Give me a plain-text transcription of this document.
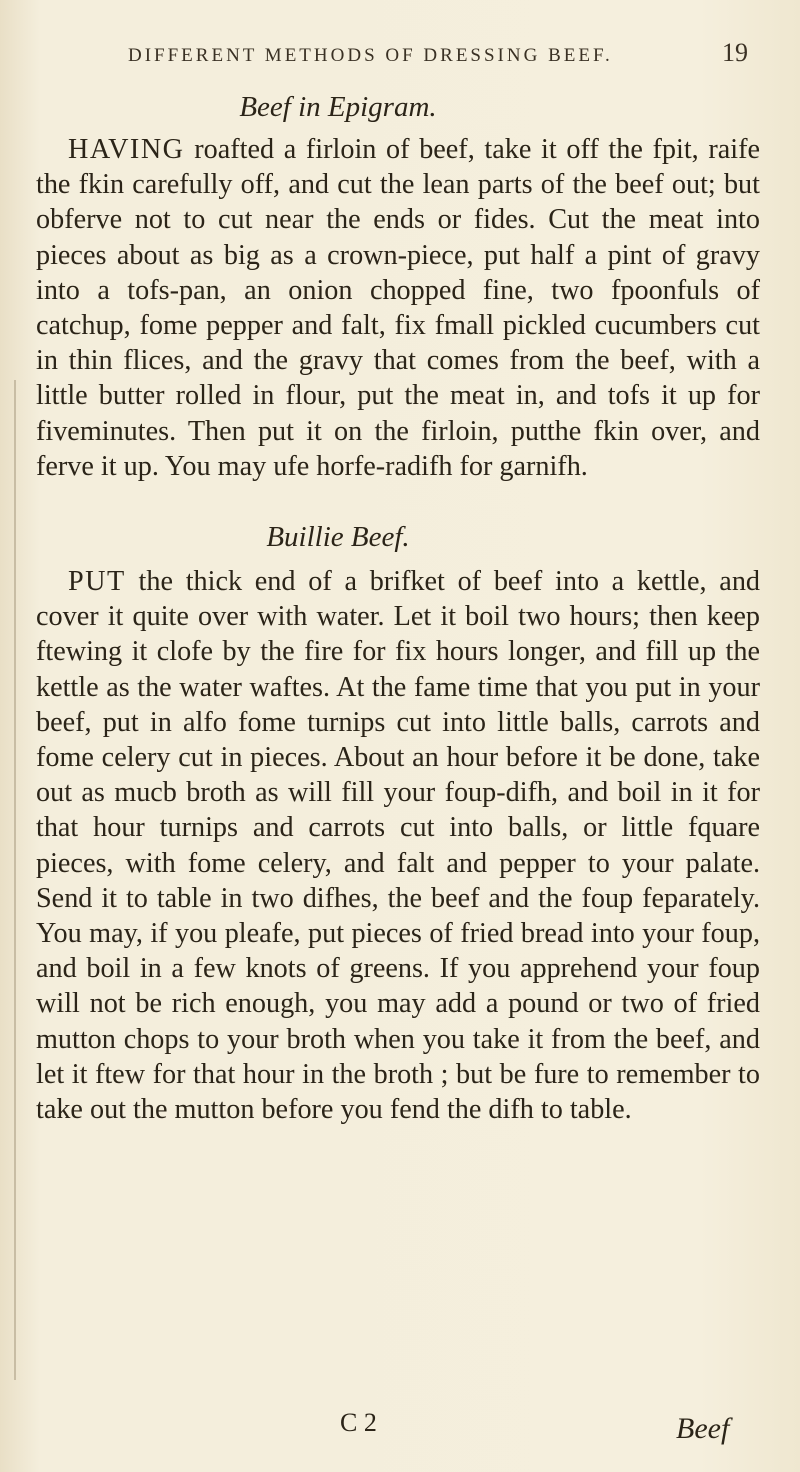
DIFFERENT METHODS OF DRESSING BEEF.	19
Beef in Epigram.

HAVING roafted a firloin of beef, take it off the fpit, raife the fkin carefully off, and cut the lean parts of the beef out; but obferve not to cut near the ends or fides. Cut the meat into pieces about as big as a crown-piece, put half a pint of gravy into a tofs-pan, an onion chopped fine, two fpoonfuls of catchup, fome pepper and falt, fix fmall pickled cucumbers cut in thin flices, and the gravy that comes from the beef, with a little butter rolled in flour, put the meat in, and tofs it up for fiveminutes. Then put it on the firloin, putthe fkin over, and ferve it up. You may ufe horfe-radifh for garnifh.

Buillie Beef.

PUT the thick end of a brifket of beef into a kettle, and cover it quite over with water. Let it boil two hours; then keep ftewing it clofe by the fire for fix hours longer, and fill up the kettle as the water waftes. At the fame time that you put in your beef, put in alfo fome turnips cut into little balls, carrots and fome celery cut in pieces. About an hour before it be done, take out as mucb broth as will fill your foup-difh, and boil in it for that hour turnips and carrots cut into balls, or little fquare pieces, with fome celery, and falt and pepper to your palate. Send it to table in two difhes, the beef and the foup feparately. You may, if you pleafe, put pieces of fried bread into your foup, and boil in a few knots of greens. If you apprehend your foup will not be rich enough, you may add a pound or two of fried mutton chops to your broth when you take it from the beef, and let it ftew for that hour in the broth ; but be fure to remember to take out the mutton before you fend the difh to table.

C 2	Beef
